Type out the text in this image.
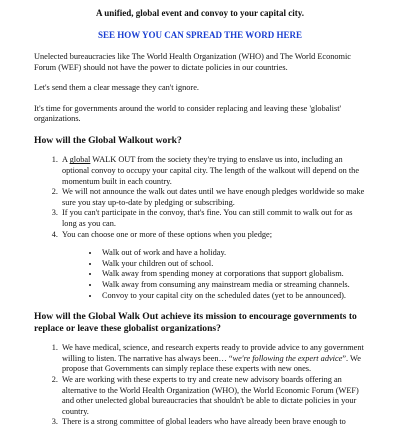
A unified, global event and convoy to your capital city.
SEE HOW YOU CAN SPREAD THE WORD HERE

Unelected bureaucracies like The World Health Organization (WHO) and The World Economic Forum (WEF) should not have the power to dictate policies in our countries.

Let's send them a clear message they can't ignore.

It's time for governments around the world to consider replacing and leaving these 'globalist' organizations.

How will the Global Walkout work?
1. A global WALK OUT from the society they're trying to enslave us into, including an optional convoy to occupy your capital city. The length of the walkout will depend on the momentum built in each country.
2. We will not announce the walk out dates until we have enough pledges worldwide so make sure you stay up-to-date by pledging or subscribing.
3. If you can't participate in the convoy, that's fine. You can still commit to walk out for as long as you can.
4. You can choose one or more of these options when you pledge;
• Walk out of work and have a holiday.
• Walk your children out of school.
• Walk away from spending money at corporations that support globalism.
• Walk away from consuming any mainstream media or streaming channels.
• Convoy to your capital city on the scheduled dates (yet to be announced).
How will the Global Walk Out achieve its mission to encourage governments to replace or leave these globalist organizations?
1. We have medical, science, and research experts ready to provide advice to any government willing to listen. The narrative has always been… “we're following the expert advice”. We propose that Governments can simply replace these experts with new ones.
2. We are working with these experts to try and create new advisory boards offering an alternative to the World Health Organization (WHO), the World Economic Forum (WEF) and other unelected global bureaucracies that shouldn't be able to dictate policies in your country.
3. There is a strong committee of global leaders who have already been brave enough to
